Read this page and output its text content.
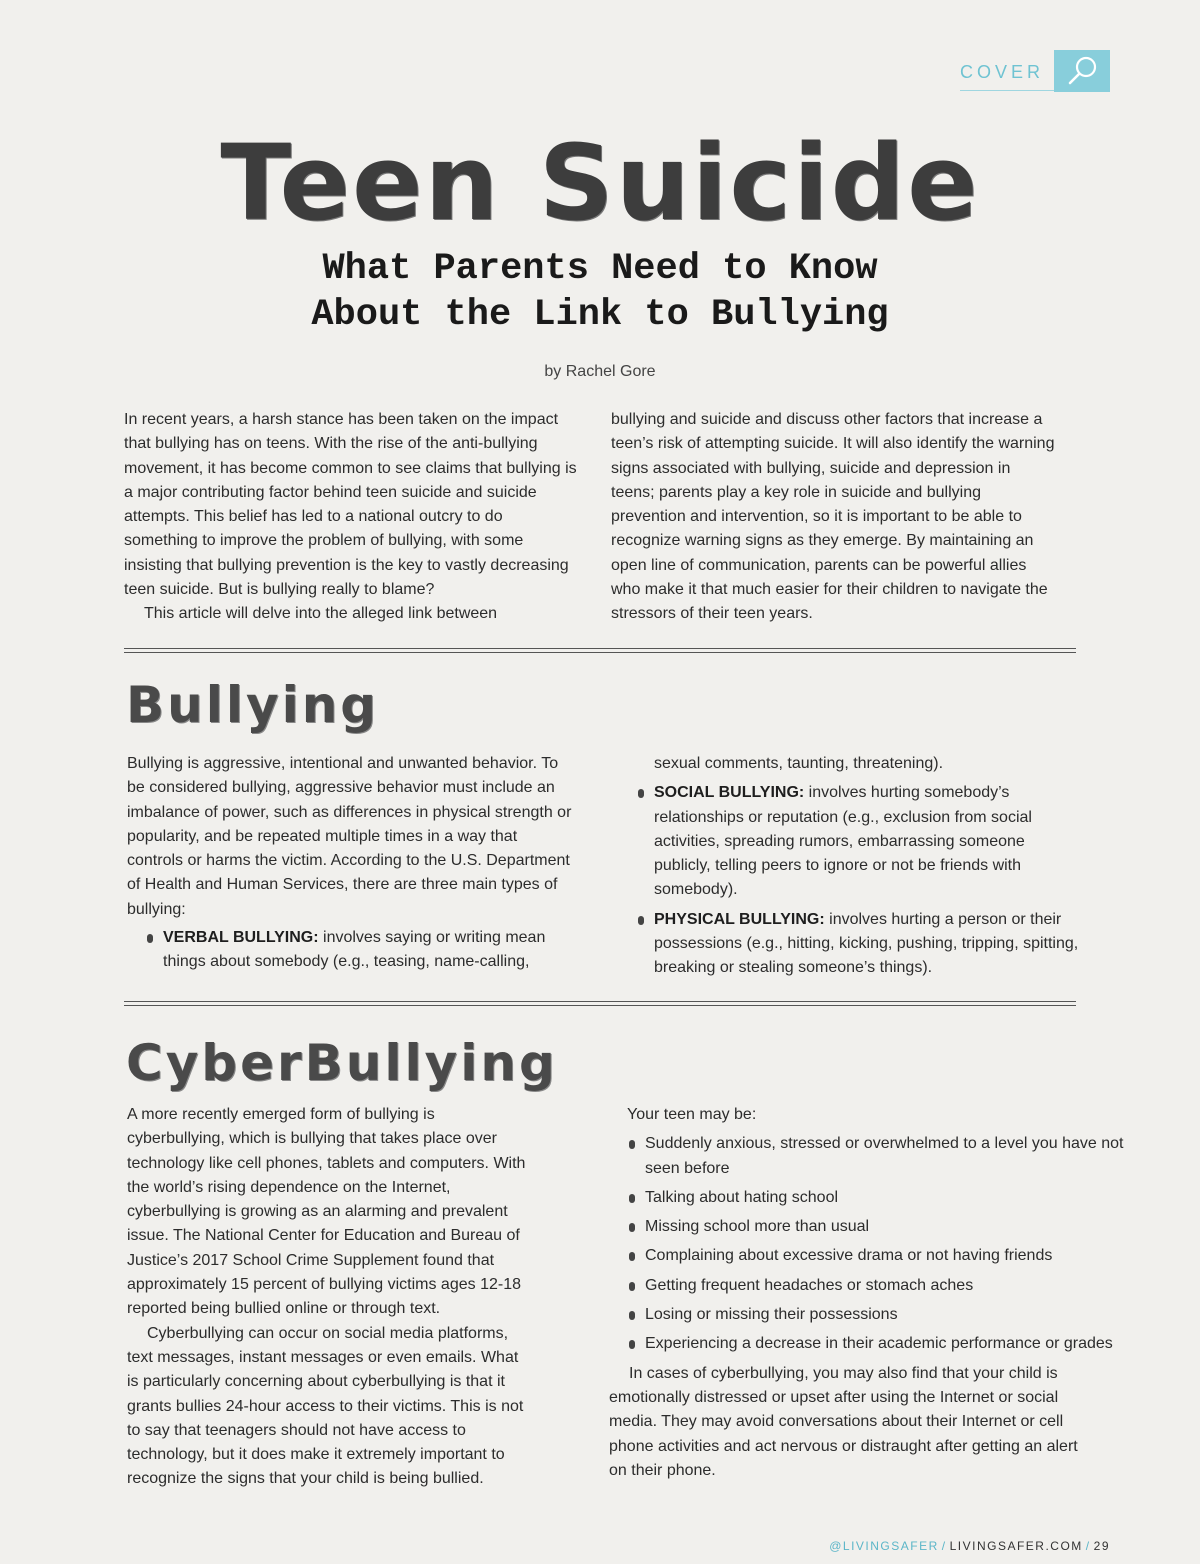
COVER
Teen Suicide
What Parents Need to Know
About the Link to Bullying
by Rachel Gore

In recent years, a harsh stance has been taken on the impact that bullying has on teens. With the rise of the anti-bullying movement, it has become common to see claims that bullying is a major contributing factor behind teen suicide and suicide attempts. This belief has led to a national outcry to do something to improve the problem of bullying, with some insisting that bullying prevention is the key to vastly decreasing teen suicide. But is bullying really to blame?

This article will delve into the alleged link between

bullying and suicide and discuss other factors that increase a teen’s risk of attempting suicide. It will also identify the warning signs associated with bullying, suicide and depression in teens; parents play a key role in suicide and bullying prevention and intervention, so it is important to be able to recognize warning signs as they emerge. By maintaining an open line of communication, parents can be powerful allies who make it that much easier for their children to navigate the stressors of their teen years.

Bullying

Bullying is aggressive, intentional and unwanted behavior. To be considered bullying, aggressive behavior must include an imbalance of power, such as differences in physical strength or popularity, and be repeated multiple times in a way that controls or harms the victim. According to the U.S. Department of Health and Human Services, there are three main types of bullying:

VERBAL BULLYING: involves saying or writing mean things about somebody (e.g., teasing, name-calling,

sexual comments, taunting, threatening).

SOCIAL BULLYING: involves hurting somebody’s relationships or reputation (e.g., exclusion from social activities, spreading rumors, embarrassing someone publicly, telling peers to ignore or not be friends with somebody).
PHYSICAL BULLYING: involves hurting a person or their possessions (e.g., hitting, kicking, pushing, tripping, spitting, breaking or stealing someone’s things).
CyberBullying

A more recently emerged form of bullying is cyberbullying, which is bullying that takes place over technology like cell phones, tablets and computers. With the world’s rising dependence on the Internet, cyberbullying is growing as an alarming and prevalent issue. The National Center for Education and Bureau of Justice’s 2017 School Crime Supplement found that approximately 15 percent of bullying victims ages 12-18 reported being bullied online or through text.

Cyberbullying can occur on social media platforms, text messages, instant messages or even emails. What is particularly concerning about cyberbullying is that it grants bullies 24-hour access to their victims. This is not to say that teenagers should not have access to technology, but it does make it extremely important to recognize the signs that your child is being bullied.

Your teen may be:

Suddenly anxious, stressed or overwhelmed to a level you have not seen before
Talking about hating school
Missing school more than usual
Complaining about excessive drama or not having friends
Getting frequent headaches or stomach aches
Losing or missing their possessions
Experiencing a decrease in their academic performance or grades

In cases of cyberbullying, you may also find that your child is emotionally distressed or upset after using the Internet or social media. They may avoid conversations about their Internet or cell phone activities and act nervous or distraught after getting an alert on their phone.

@LIVINGSAFER / LIVINGSAFER.COM / 29
